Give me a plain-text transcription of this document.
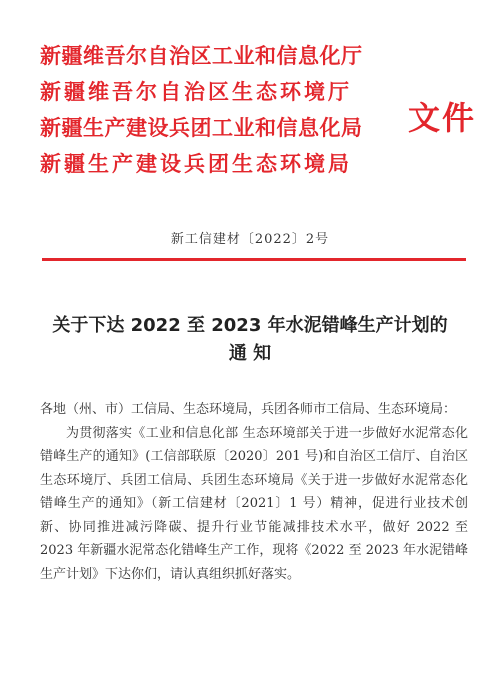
新疆维吾尔自治区工业和信息化厅
新疆维吾尔自治区生态环境厅
新疆生产建设兵团工业和信息化局
新疆生产建设兵团生态环境局
文件
新工信建材〔2022〕2号
关于下达 2022 至 2023 年水泥错峰生产计划的
通 知

各地（州、市）工信局、生态环境局，兵团各师市工信局、生态环境局：

为贯彻落实《工业和信息化部 生态环境部关于进一步做好水泥常态化错峰生产的通知》(工信部联原〔2020〕201 号)和自治区工信厅、自治区生态环境厅、兵团工信局、兵团生态环境局《关于进一步做好水泥常态化错峰生产的通知》（新工信建材〔2021〕1 号）精神，促进行业技术创新、协同推进减污降碳、提升行业节能减排技术水平，做好 2022 至 2023 年新疆水泥常态化错峰生产工作，现将《2022 至 2023 年水泥错峰生产计划》下达你们，请认真组织抓好落实。
